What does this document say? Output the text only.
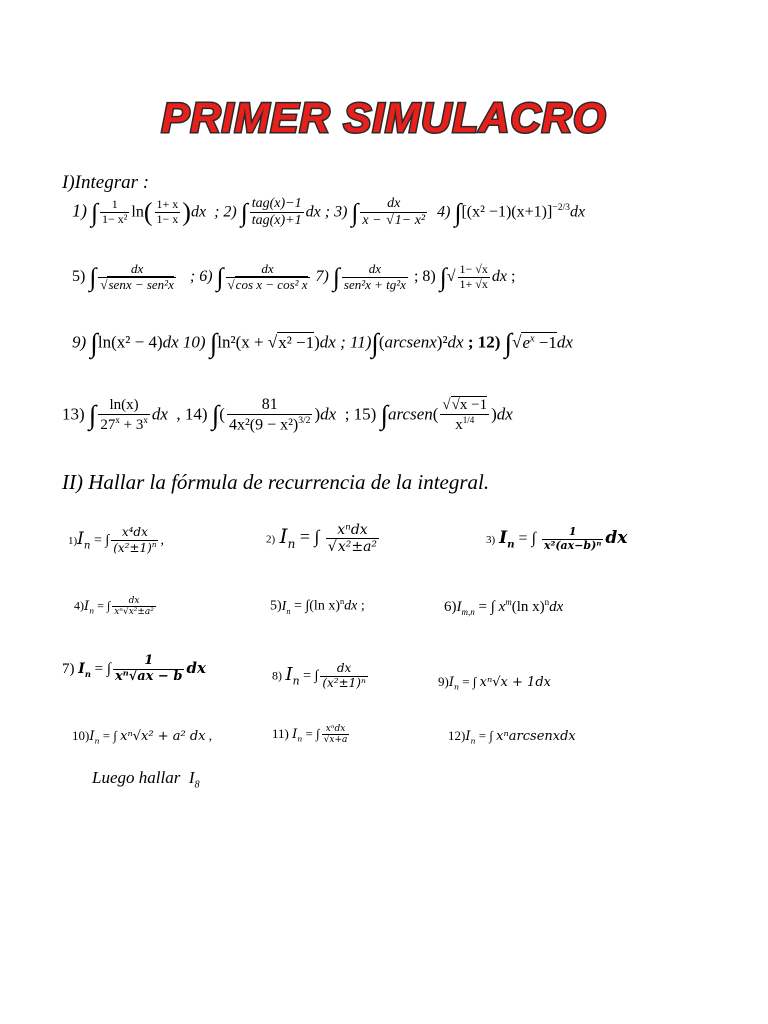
PRIMER SIMULACRO
I)Integrar :
1) ∫ $\frac{1}{\text{1− x²}} \ln( \frac{1+ x}{1- x} )dx$ ; 2) ∫ $\frac{\text{tag(x)−1}}{\text{tag(x)+1}}$ dx ; 3) ∫ $\frac{dx}{\text{x − √1− x²}} 4$) $\int[(x^2 -1)(x+1)]^{-2/3}dx$
5) ∫ $\frac{dx}{\text{√senx − sen²x}}$ ; 6) ∫ $\frac{dx}{\text{√cos x − cos² x}} 7$) ∫ $\frac{dx}{\text{sen²x + tg²x}}$ ; 8) ∫√ $\frac{1- √x}{1+ √x}$ dx ;
9) ∫ln(x² − 4)dx 10) ∫ln²(x + √x² −1)dx ; 11)∫(arcsenx)²dx ; 12) $\int√e^x -1dx$
13) ∫ $\frac{\ln(x)}{27^x + 3^x}$ dx , 14) ∫( $\frac{81}{4x^2(9 - x^2)^{3/2}} )dx$ ; 15) ∫arcsen( $\frac{√√x -1}{x^{1/4}} )dx$
II) Hallar la fórmula de recurrencia de la integral.
$1)I_n$ = ∫ $\frac{\text{x⁴dx}}{(x^2\pm 1)^n}$ ,	2) $I_n$ = ∫ $\frac{\text{xⁿdx}}{\text{√x²±a²}}$	3) $I_n$ = ∫ $\frac{1}{\text{x²(ax−b)ⁿ}}$ dx
$4)I_n$ = ∫ $\frac{dx}{\text{xⁿ√x²±a²}}$	$5)I_n = \int(\ln$ x)$^n$dx ;	$6)I_{m,n}$ = ∫ $x^m(\ln$ x)$^n$dx
7) $I_n$ = ∫ $\frac{1}{\text{xⁿ√ax − b}}$ dx	8) $I_n$ = ∫ $\frac{dx}{\text{(x²±1)ⁿ}}$	$9)I_n$ = ∫ xⁿ√x + 1dx
$10)I_n$ = ∫ xⁿ√x² + a² dx ,	11) $I_n$ = ∫ $\frac{\text{xⁿdx}}{√x+a}$	$12)I_n$ = ∫ xⁿarcsenxdx
Luego hallar $I_8$
